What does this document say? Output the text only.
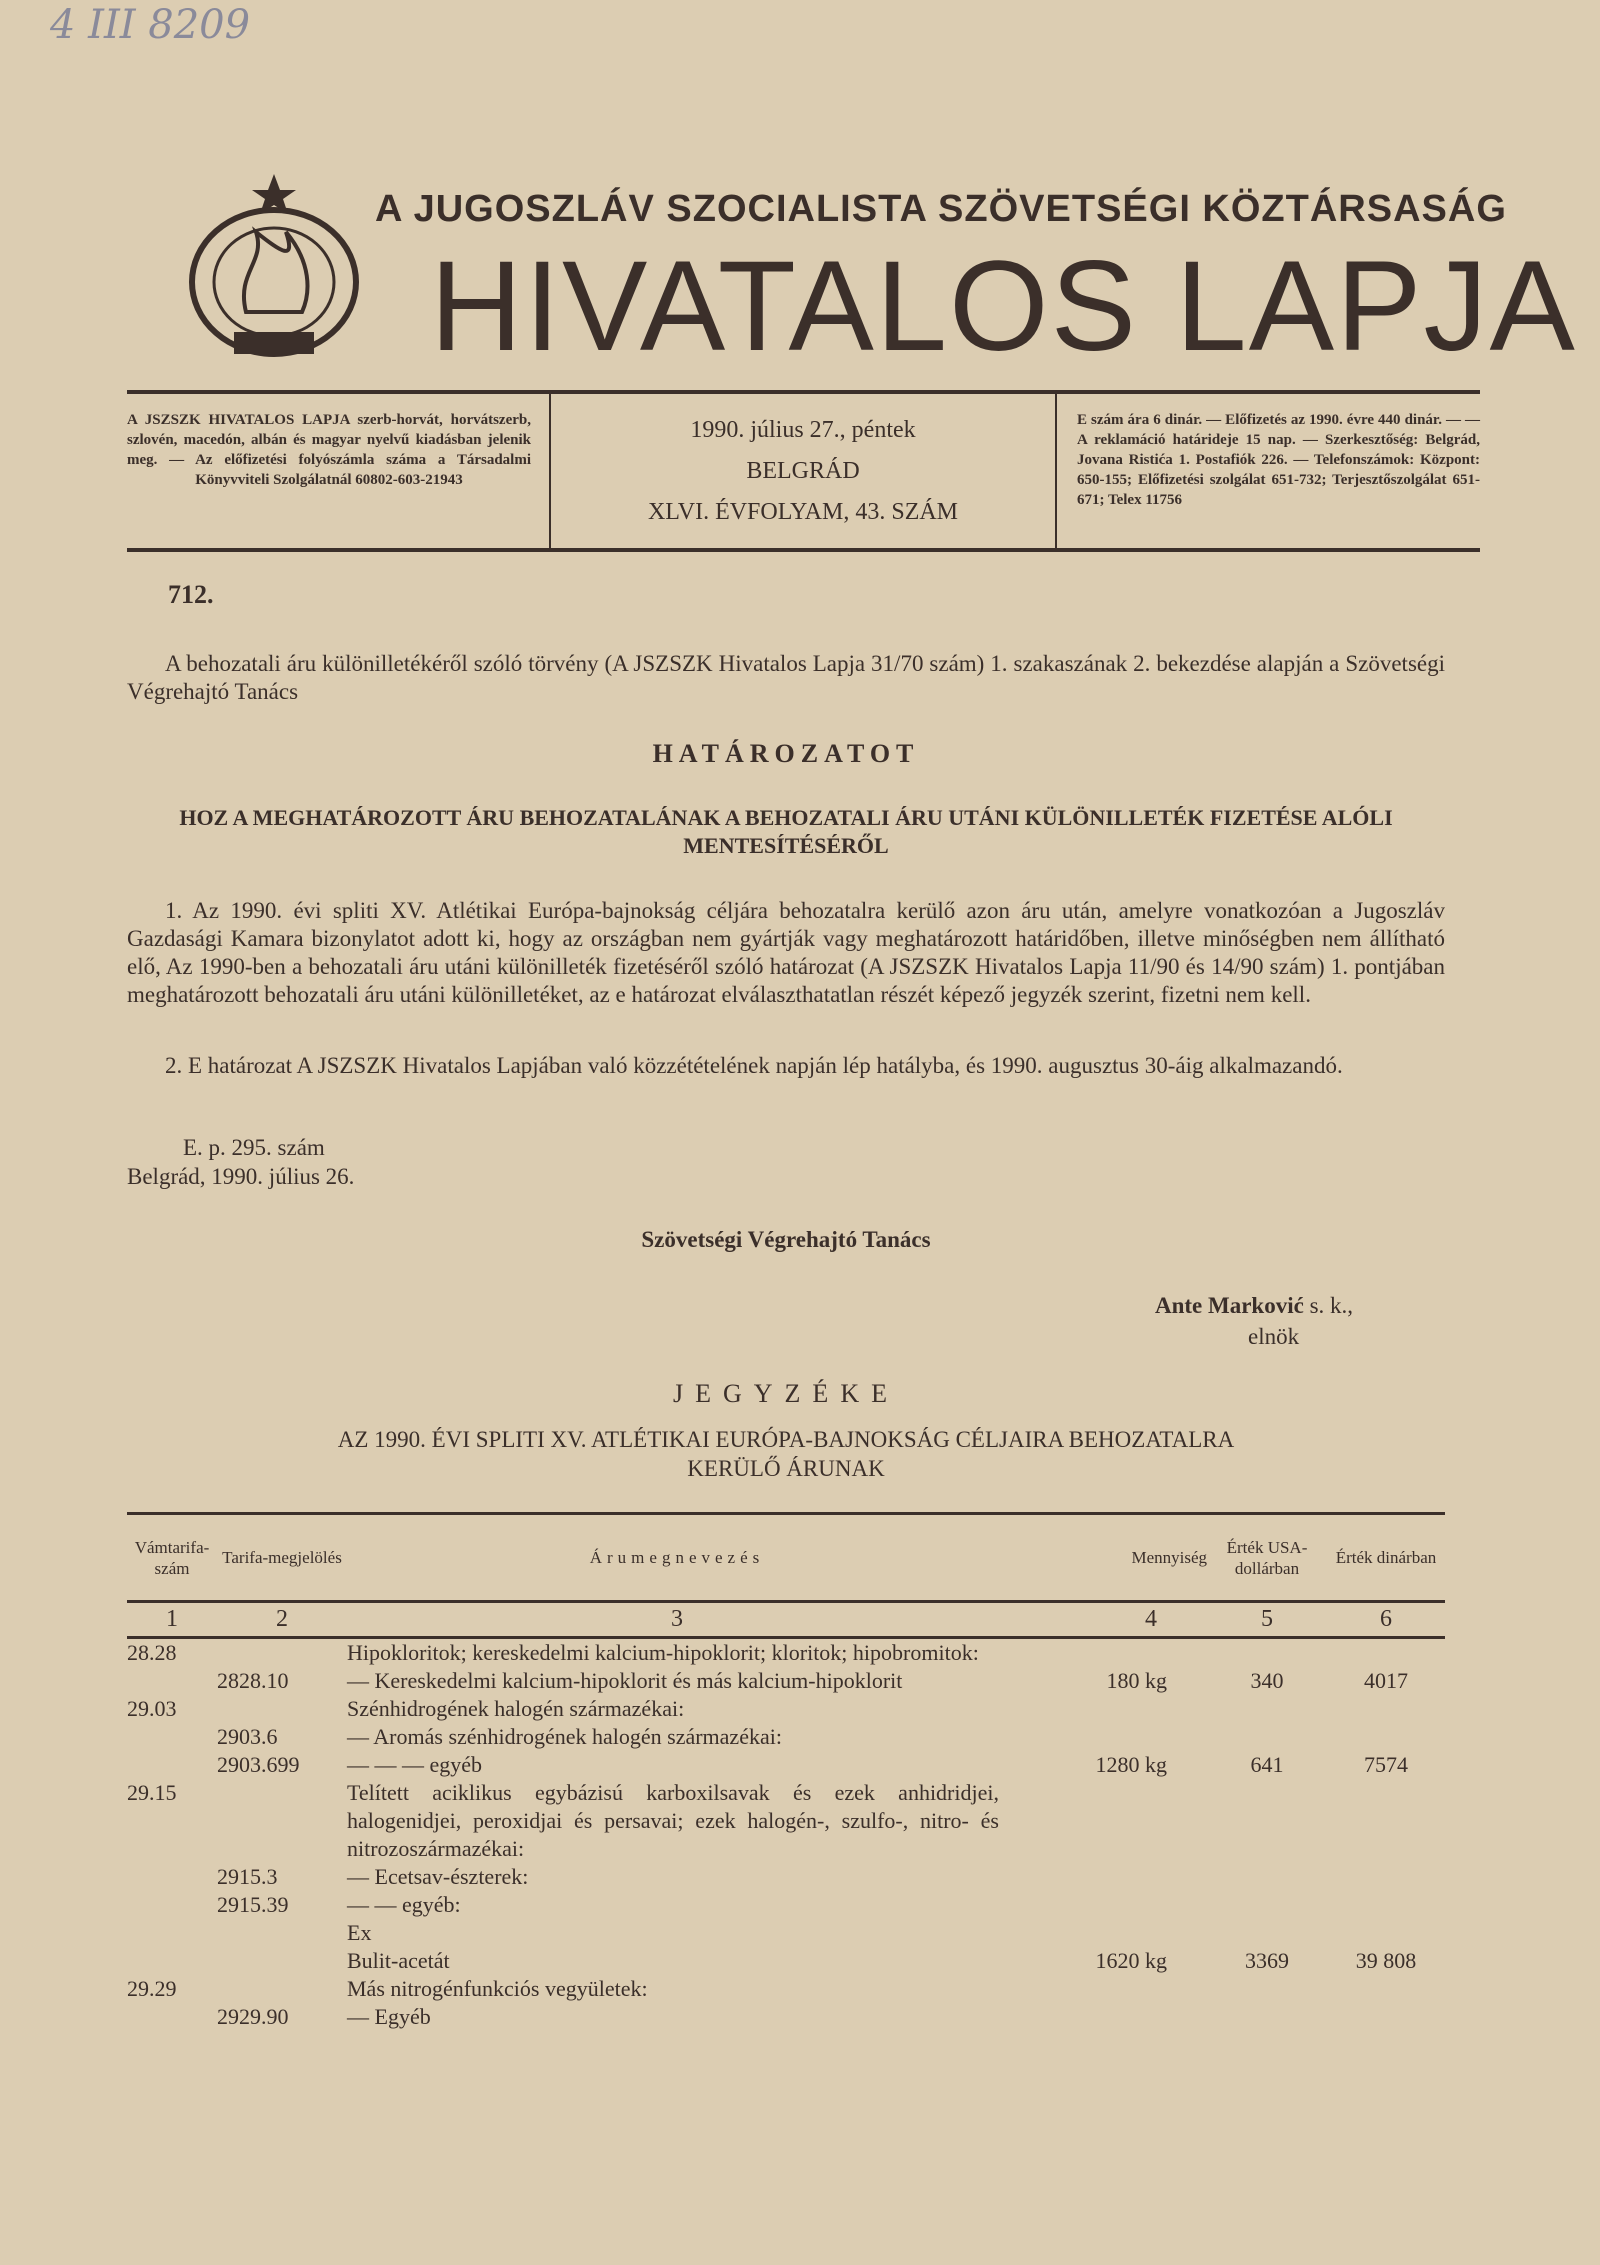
4 III 8209
A JUGOSZLÁV SZOCIALISTA SZÖVETSÉGI KÖZTÁRSASÁG
HIVATALOS LAPJA
A JSZSZK HIVATALOS LAPJA szerb-horvát, horvátszerb, szlovén, macedón, albán és magyar nyelvű kiadásban jelenik meg. — Az előfizetési folyószámla száma a Társadalmi Könyvviteli Szolgálatnál 60802-603-21943
1990. július 27., péntek
BELGRÁD
XLVI. ÉVFOLYAM, 43. SZÁM
E szám ára 6 dinár. — Előfizetés az 1990. évre 440 dinár. — — A reklamáció határideje 15 nap. — Szerkesztőség: Belgrád, Jovana Ristića 1. Postafiók 226. — Telefonszámok: Központ: 650-155; Előfizetési szolgálat 651-732; Terjesztőszolgálat 651-671; Telex 11756
712.
A behozatali áru különilletékéről szóló törvény (A JSZSZK Hivatalos Lapja 31/70 szám) 1. szakaszának 2. bekezdése alapján a Szövetségi Végrehajtó Tanács
HATÁROZATOT
HOZ A MEGHATÁROZOTT ÁRU BEHOZATALÁNAK A BEHOZATALI ÁRU UTÁNI KÜLÖNILLETÉK FIZETÉSE ALÓLI MENTESÍTÉSÉRŐL
1. Az 1990. évi spliti XV. Atlétikai Európa-bajnokság céljára behozatalra kerülő azon áru után, amelyre vonatkozóan a Jugoszláv Gazdasági Kamara bizonylatot adott ki, hogy az országban nem gyártják vagy meghatározott határidőben, illetve minőségben nem állítható elő, Az 1990-ben a behozatali áru utáni különilleték fizetéséről szóló határozat (A JSZSZK Hivatalos Lapja 11/90 és 14/90 szám) 1. pontjában meghatározott behozatali áru utáni különilletéket, az e határozat elválaszthatatlan részét képező jegyzék szerint, fizetni nem kell.
2. E határozat A JSZSZK Hivatalos Lapjában való közzétételének napján lép hatályba, és 1990. augusztus 30-áig alkalmazandó.
E. p. 295. szám
Belgrád, 1990. július 26.
Szövetségi Végrehajtó Tanács
Ante Marković s. k.,
elnök
JEGYZÉKE
AZ 1990. ÉVI SPLITI XV. ATLÉTIKAI EURÓPA-BAJNOKSÁG CÉLJAIRA BEHOZATALRA
KERÜLŐ ÁRUNAK
Vámtarifa-szám	Tarifa-megjelölés	Árumegnevezés	Mennyiség	Érték USA-dollárban	Érték dinárban
1	2	3	4	5	6
28.28		Hipokloritok; kereskedelmi kalcium-hipoklorit; kloritok; hipobromitok:			
	2828.10	— Kereskedelmi kalcium-hipoklorit és más kalcium-hipoklorit	180 kg	340	4017
29.03		Szénhidrogének halogén származékai:			
	2903.6	— Aromás szénhidrogének halogén származékai:			
	2903.699	— — — egyéb	1280 kg	641	7574
29.15		Telített aciklikus egybázisú karboxilsavak és ezek anhidridjei, halogenidjei, peroxidjai és persavai; ezek halogén-, szulfo-, nitro- és nitrozoszármazékai:			
	2915.3	— Ecetsav-észterek:			
	2915.39	— — egyéb:			
		Ex			
		Bulit-acetát	1620 kg	3369	39 808
29.29		Más nitrogénfunkciós vegyületek:			
	2929.90	— Egyéb			
